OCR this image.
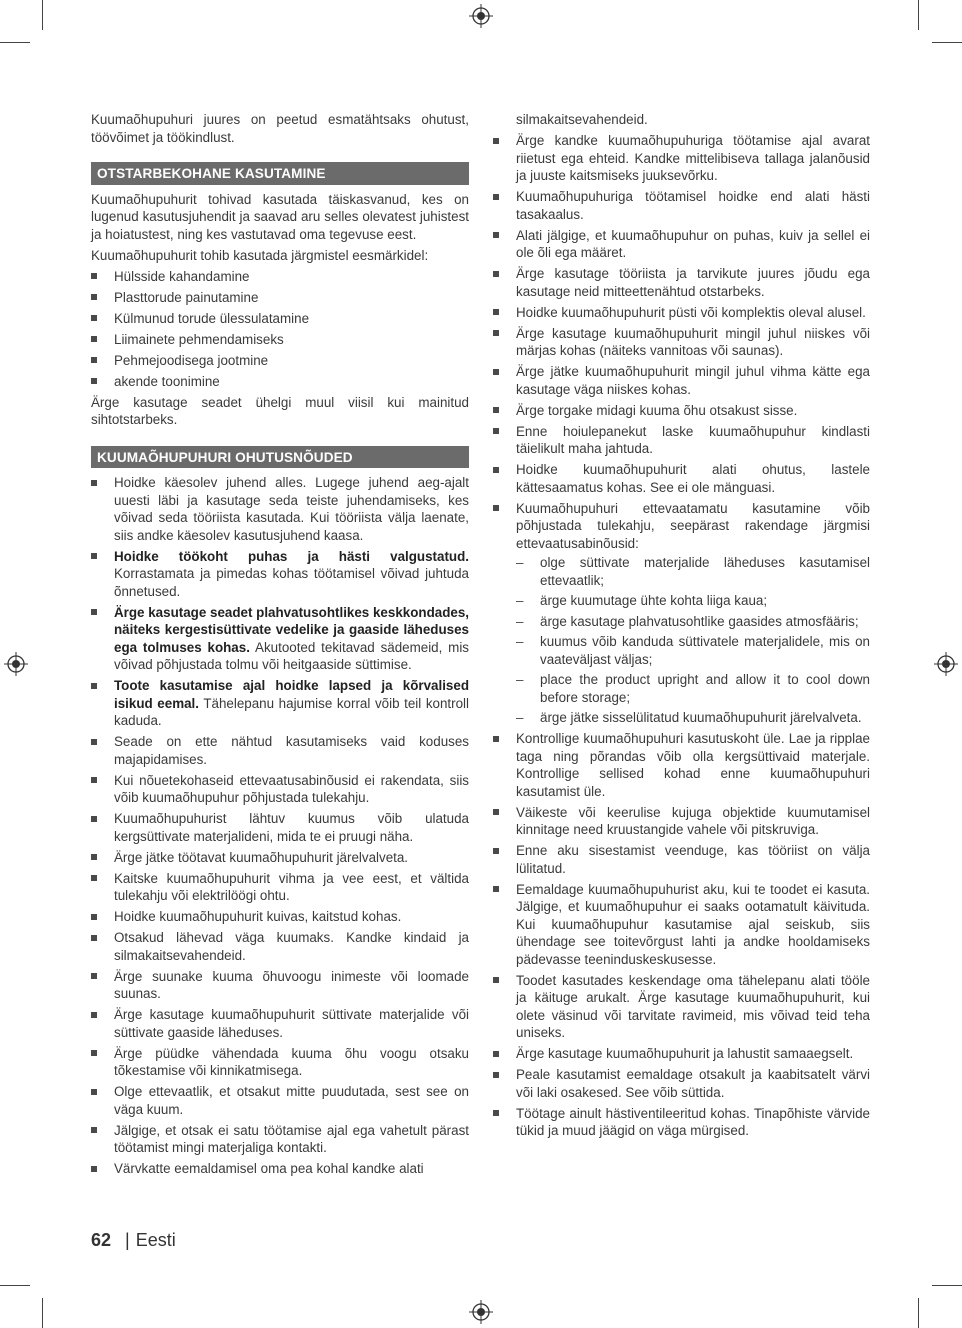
Kuumaõhupuhuri juures on peetud esmatähtsaks ohutust, töövõimet ja töökindlust.

OTSTARBEKOHANE KASUTAMINE

Kuumaõhupuhurit tohivad kasutada täiskasvanud, kes on lugenud kasutusjuhendit ja saavad aru selles olevatest juhistest ja hoiatustest, ning kes vastutavad oma tegevuse eest.

Kuumaõhupuhurit tohib kasutada järgmistel eesmärkidel:

Hülsside kahandamine
Plasttorude painutamine
Külmunud torude ülessulatamine
Liimainete pehmendamiseks
Pehmejoodisega jootmine
akende toonimine

Ärge kasutage seadet ühelgi muul viisil kui mainitud sihtotstarbeks.

KUUMAÕHUPUHURI OHUTUSNÕUDED
Hoidke käesolev juhend alles. Lugege juhend aeg-ajalt uuesti läbi ja kasutage seda teiste juhendamiseks, kes võivad seda tööriista kasutada. Kui tööriista välja laenate, siis andke käesolev kasutusjuhend kaasa.
Hoidke töökoht puhas ja hästi valgustatud. Korrastamata ja pimedas kohas töötamisel võivad juhtuda õnnetused.
Ärge kasutage seadet plahvatusohtlikes keskkondades, näiteks kergestisüttivate vedelike ja gaaside läheduses ega tolmuses kohas. Akutooted tekitavad sädemeid, mis võivad põhjustada tolmu või heitgaaside süttimise.
Toote kasutamise ajal hoidke lapsed ja kõrvalised isikud eemal. Tähelepanu hajumise korral võib teil kontroll kaduda.
Seade on ette nähtud kasutamiseks vaid koduses majapidamises.
Kui nõuetekohaseid ettevaatusabinõusid ei rakendata, siis võib kuumaõhupuhur põhjustada tulekahju.
Kuumaõhupuhurist lähtuv kuumus võib ulatuda kergsüttivate materjalideni, mida te ei pruugi näha.
Ärge jätke töötavat kuumaõhupuhurit järelvalveta.
Kaitske kuumaõhupuhurit vihma ja vee eest, et vältida tulekahju või elektrilöögi ohtu.
Hoidke kuumaõhupuhurit kuivas, kaitstud kohas.
Otsakud lähevad väga kuumaks. Kandke kindaid ja silmakaitsevahendeid.
Ärge suunake kuuma õhuvoogu inimeste või loomade suunas.
Ärge kasutage kuumaõhupuhurit süttivate materjalide või süttivate gaaside läheduses.
Ärge püüdke vähendada kuuma õhu voogu otsaku tõkestamise või kinnikatmisega.
Olge ettevaatlik, et otsakut mitte puudutada, sest see on väga kuum.
Jälgige, et otsak ei satu töötamise ajal ega vahetult pärast töötamist mingi materjaliga kontakti.
Värvkatte eemaldamisel oma pea kohal kandke alati
silmakaitsevahendeid.
Ärge kandke kuumaõhupuhuriga töötamise ajal avarat riietust ega ehteid. Kandke mittelibiseva tallaga jalanõusid ja juuste kaitsmiseks juuksevõrku.
Kuumaõhupuhuriga töötamisel hoidke end alati hästi tasakaalus.
Alati jälgige, et kuumaõhupuhur on puhas, kuiv ja sellel ei ole õli ega määret.
Ärge kasutage tööriista ja tarvikute juures jõudu ega kasutage neid mitteettenähtud otstarbeks.
Hoidke kuumaõhupuhurit püsti või komplektis oleval alusel.
Ärge kasutage kuumaõhupuhurit mingil juhul niiskes või märjas kohas (näiteks vannitoas või saunas).
Ärge jätke kuumaõhupuhurit mingil juhul vihma kätte ega kasutage väga niiskes kohas.
Ärge torgake midagi kuuma õhu otsakust sisse.
Enne hoiulepanekut laske kuumaõhupuhur kindlasti täielikult maha jahtuda.
Hoidke kuumaõhupuhurit alati ohutus, lastele kättesaamatus kohas. See ei ole mänguasi.
Kuumaõhupuhuri ettevaatamatu kasutamine võib põhjustada tulekahju, seepärast rakendage järgmisi ettevaatusabinõusid:
– olge süttivate materjalide läheduses kasutamisel ettevaatlik;
– ärge kuumutage ühte kohta liiga kaua;
– ärge kasutage plahvatusohtlike gaasides atmosfääris;
– kuumus võib kanduda süttivatele materjalidele, mis on vaateväljast väljas;
– place the product upright and allow it to cool down before storage;
– ärge jätke sisselülitatud kuumaõhupuhurit järelvalveta.
Kontrollige kuumaõhupuhuri kasutuskoht üle. Lae ja ripplae taga ning põrandas võib olla kergsüttivaid materjale. Kontrollige sellised kohad enne kuumaõhupuhuri kasutamist üle.
Väikeste või keerulise kujuga objektide kuumutamisel kinnitage need kruustangide vahele või pitskruviga.
Enne aku sisestamist veenduge, kas tööriist on välja lülitatud.
Eemaldage kuumaõhupuhurist aku, kui te toodet ei kasuta. Jälgige, et kuumaõhupuhur ei saaks ootamatult käivituda. Kui kuumaõhupuhur kasutamise ajal seiskub, siis ühendage see toitevõrgust lahti ja andke hooldamiseks pädevasse teeninduskeskusesse.
Toodet kasutades keskendage oma tähelepanu alati tööle ja käituge arukalt. Ärge kasutage kuumaõhupuhurit, kui olete väsinud või tarvitate ravimeid, mis võivad teid teha uniseks.
Ärge kasutage kuumaõhupuhurit ja lahustit samaaegselt.
Peale kasutamist eemaldage otsakult ja kaabitsatelt värvi või laki osakesed. See võib süttida.
Töötage ainult hästiventileeritud kohas. Tinapõhiste värvide tükid ja muud jäägid on väga mürgised.
62 | Eesti
